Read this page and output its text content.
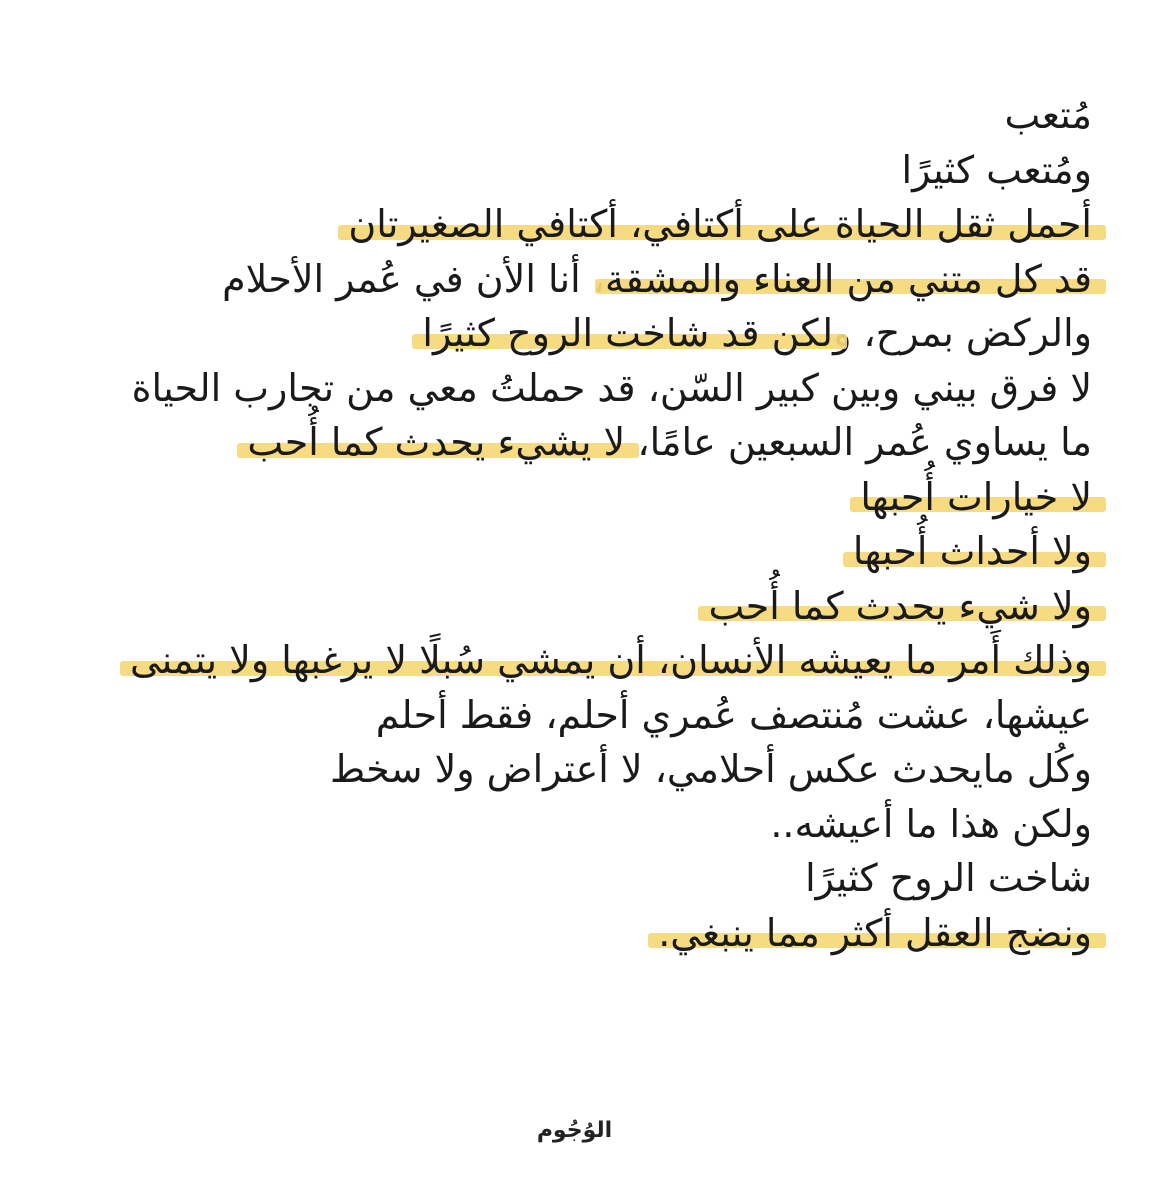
مُتعب
ومُتعب كثيرًا
أحمل ثقل الحياة على أكتافي، أكتافي الصغيرتان
قد كل متني من العناء والمشقة، أنا الأن في عُمر الأحلام
والركض بمرح، ولكن قد شاخت الروح كثيرًا
لا فرق بيني وبين كبير السّن، قد حملتُ معي من تجارب الحياة
ما يساوي عُمر السبعين عامًا، لا يشيء يحدث كما أُحب
لا خيارات أُحبها
ولا أحداث أُحبها
ولا شيء يحدث كما أُحب
وذلك أَمر ما يعيشه الأنسان، أن يمشي سُبلًا لا يرغبها ولا يتمنى
عيشها، عشت مُنتصف عُمري أحلم، فقط أحلم
وكُل مايحدث عكس أحلامي، لا أعتراض ولا سخط
ولكن هذا ما أعيشه..
شاخت الروح كثيرًا
ونضج العقل أكثر مما ينبغي.
الوُجُوم
